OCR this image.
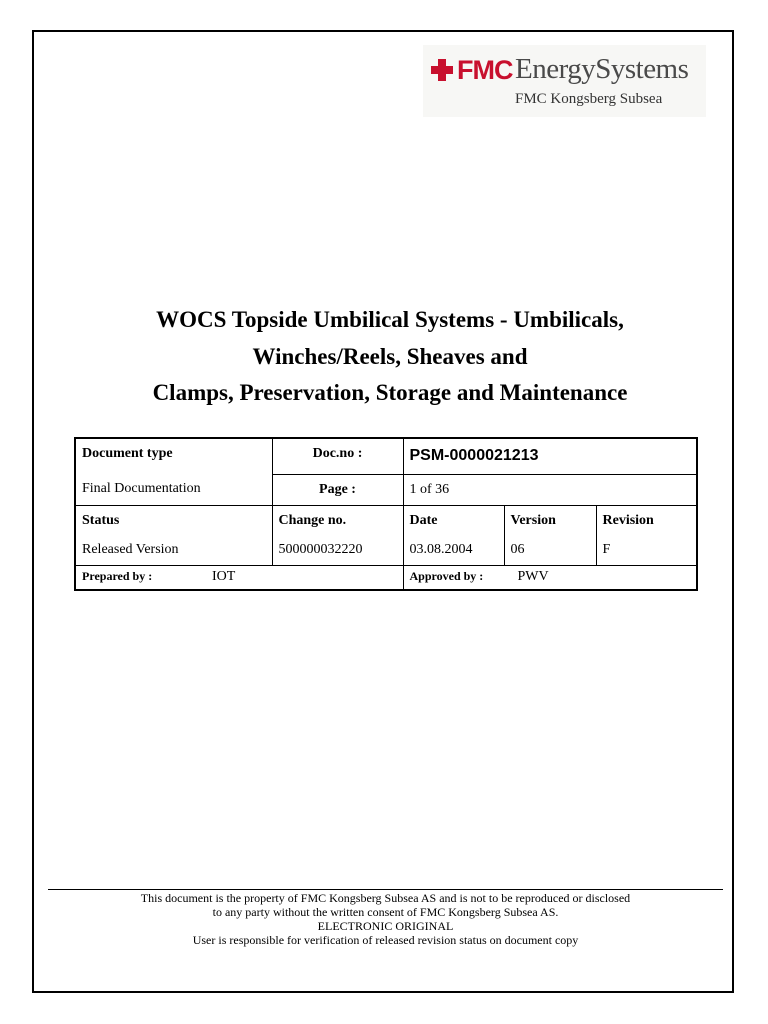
FMC EnergySystems
FMC Kongsberg Subsea
WOCS Topside Umbilical Systems - Umbilicals,
Winches/Reels, Sheaves and
Clamps, Preservation, Storage and Maintenance
Document type	Doc.no :	PSM-0000021213		
Final Documentation	Page :	1 of 36		
Status	Change no.	Date	Version	Revision
Released Version	500000032220	03.08.2004	06	F
Prepared by : IOT		Approved by : PWV		
This document is the property of FMC Kongsberg Subsea AS and is not to be reproduced or disclosed
to any party without the written consent of FMC Kongsberg Subsea AS.
ELECTRONIC ORIGINAL
User is responsible for verification of released revision status on document copy
